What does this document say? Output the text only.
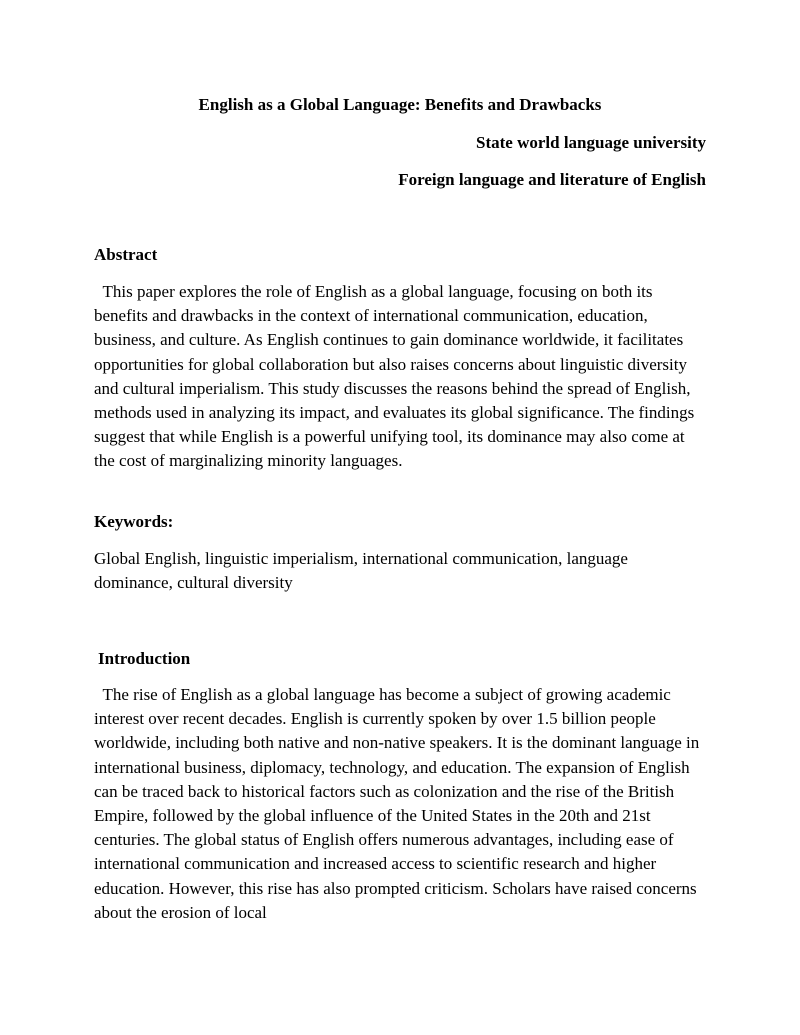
English as a Global Language: Benefits and Drawbacks

State world language university

Foreign language and literature of English

Abstract

This paper explores the role of English as a global language, focusing on both its benefits and drawbacks in the context of international communication, education, business, and culture. As English continues to gain dominance worldwide, it facilitates opportunities for global collaboration but also raises concerns about linguistic diversity and cultural imperialism. This study discusses the reasons behind the spread of English, methods used in analyzing its impact, and evaluates its global significance. The findings suggest that while English is a powerful unifying tool, its dominance may also come at the cost of marginalizing minority languages.

Keywords:

Global English, linguistic imperialism, international communication, language dominance, cultural diversity

Introduction

The rise of English as a global language has become a subject of growing academic interest over recent decades. English is currently spoken by over 1.5 billion people worldwide, including both native and non-native speakers. It is the dominant language in international business, diplomacy, technology, and education. The expansion of English can be traced back to historical factors such as colonization and the rise of the British Empire, followed by the global influence of the United States in the 20th and 21st centuries. The global status of English offers numerous advantages, including ease of international communication and increased access to scientific research and higher education. However, this rise has also prompted criticism. Scholars have raised concerns about the erosion of local
